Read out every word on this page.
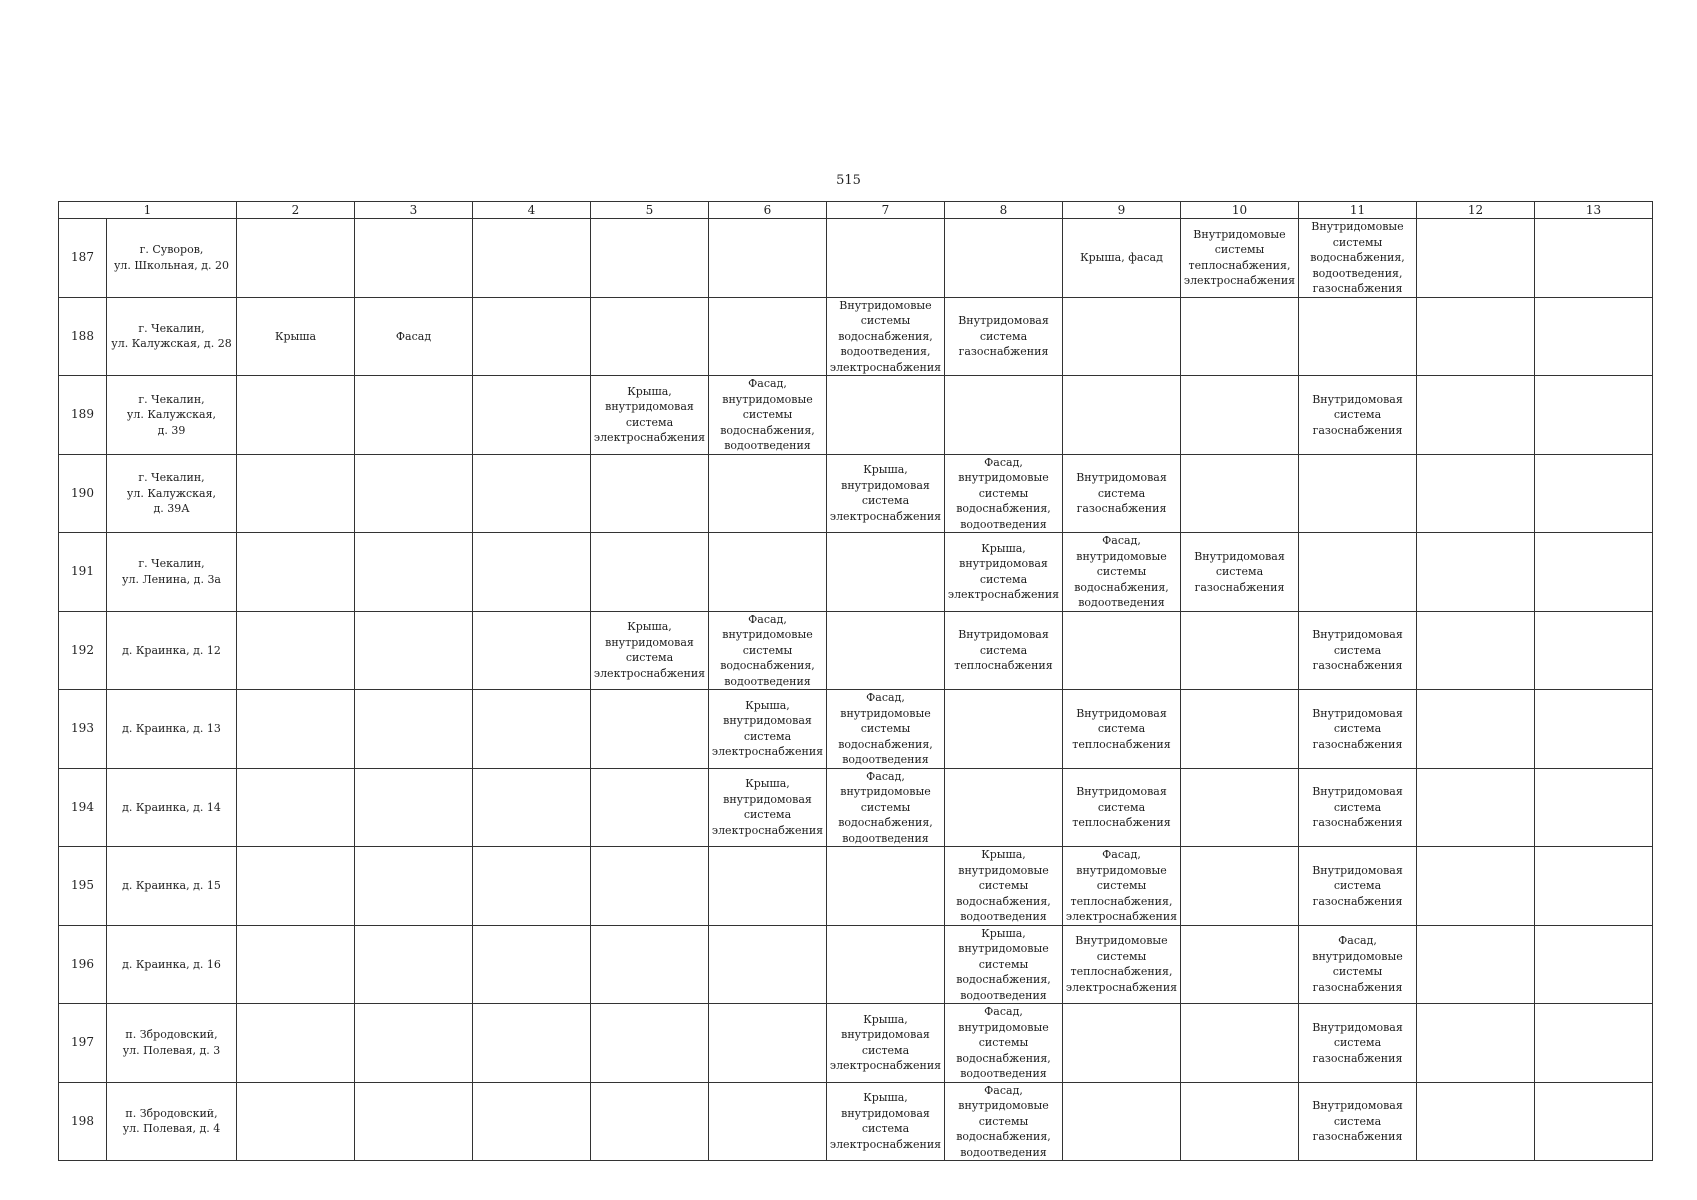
515
1		2	3	4	5	6	7	8	9	10	11	12	13
187	г. Суворов,
ул. Школьная, д. 20								Крыша, фасад	Внутридомовые системы теплоснабжения, электроснабжения	Внутридомовые системы водоснабжения, водоотведения, газоснабжения		
188	г. Чекалин,
ул. Калужская, д. 28	Крыша	Фасад				Внутридомовые системы водоснабжения, водоотведения, электроснабжения	Внутридомовая система газоснабжения					
189	г. Чекалин,
ул. Калужская,
д. 39				Крыша, внутридомовая система электроснабжения	Фасад, внутридомовые системы водоснабжения, водоотведения					Внутридомовая система газоснабжения		
190	г. Чекалин,
ул. Калужская,
д. 39А						Крыша, внутридомовая система электроснабжения	Фасад, внутридомовые системы водоснабжения, водоотведения	Внутридомовая система газоснабжения				
191	г. Чекалин,
ул. Ленина, д. 3а							Крыша, внутридомовая система электроснабжения	Фасад, внутридомовые системы водоснабжения, водоотведения	Внутридомовая система газоснабжения			
192	д. Краинка, д. 12				Крыша, внутридомовая система электроснабжения	Фасад, внутридомовые системы водоснабжения, водоотведения		Внутридомовая система теплоснабжения			Внутридомовая система газоснабжения		
193	д. Краинка, д. 13					Крыша, внутридомовая система электроснабжения	Фасад, внутридомовые системы водоснабжения, водоотведения		Внутридомовая система теплоснабжения		Внутридомовая система газоснабжения		
194	д. Краинка, д. 14					Крыша, внутридомовая система электроснабжения	Фасад, внутридомовые системы водоснабжения, водоотведения		Внутридомовая система теплоснабжения		Внутридомовая система газоснабжения		
195	д. Краинка, д. 15							Крыша, внутридомовые системы водоснабжения, водоотведения	Фасад, внутридомовые системы теплоснабжения, электроснабжения		Внутридомовая система газоснабжения		
196	д. Краинка, д. 16							Крыша, внутридомовые системы водоснабжения, водоотведения	Внутридомовые системы теплоснабжения, электроснабжения		Фасад, внутридомовые системы газоснабжения		
197	п. Збродовский,
ул. Полевая, д. 3						Крыша, внутридомовая система электроснабжения	Фасад, внутридомовые системы водоснабжения, водоотведения			Внутридомовая система газоснабжения		
198	п. Збродовский,
ул. Полевая, д. 4						Крыша, внутридомовая система электроснабжения	Фасад, внутридомовые системы водоснабжения, водоотведения			Внутридомовая система газоснабжения		
